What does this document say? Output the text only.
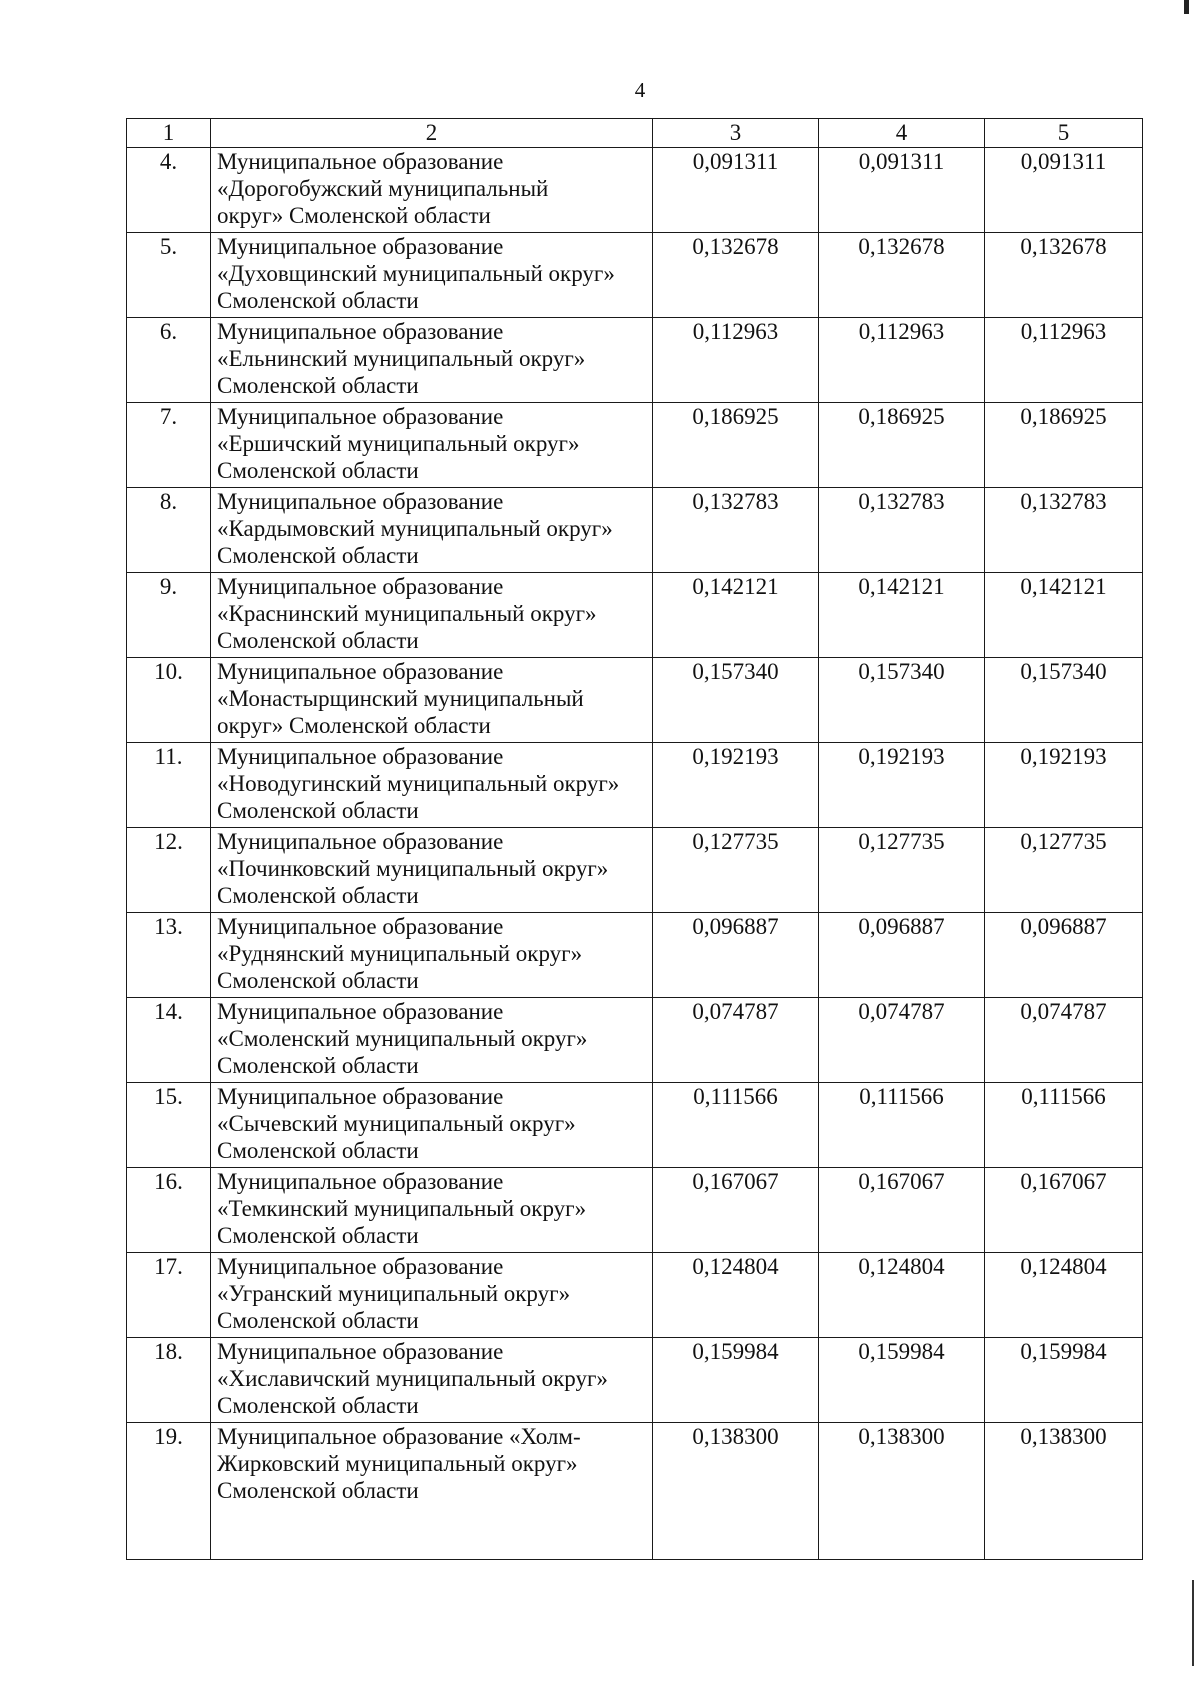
4
1	2	3	4	5
4.	Муниципальное образование
«Дорогобужский муниципальный
округ» Смоленской области	0,091311	0,091311	0,091311
5.	Муниципальное образование
«Духовщинский муниципальный округ»
Смоленской области	0,132678	0,132678	0,132678
6.	Муниципальное образование
«Ельнинский муниципальный округ»
Смоленской области	0,112963	0,112963	0,112963
7.	Муниципальное образование
«Ершичский муниципальный округ»
Смоленской области	0,186925	0,186925	0,186925
8.	Муниципальное образование
«Кардымовский муниципальный округ»
Смоленской области	0,132783	0,132783	0,132783
9.	Муниципальное образование
«Краснинский муниципальный округ»
Смоленской области	0,142121	0,142121	0,142121
10.	Муниципальное образование
«Монастырщинский муниципальный
округ» Смоленской области	0,157340	0,157340	0,157340
11.	Муниципальное образование
«Новодугинский муниципальный округ»
Смоленской области	0,192193	0,192193	0,192193
12.	Муниципальное образование
«Починковский муниципальный округ»
Смоленской области	0,127735	0,127735	0,127735
13.	Муниципальное образование
«Руднянский муниципальный округ»
Смоленской области	0,096887	0,096887	0,096887
14.	Муниципальное образование
«Смоленский муниципальный округ»
Смоленской области	0,074787	0,074787	0,074787
15.	Муниципальное образование
«Сычевский муниципальный округ»
Смоленской области	0,111566	0,111566	0,111566
16.	Муниципальное образование
«Темкинский муниципальный округ»
Смоленской области	0,167067	0,167067	0,167067
17.	Муниципальное образование
«Угранский муниципальный округ»
Смоленской области	0,124804	0,124804	0,124804
18.	Муниципальное образование
«Хиславичский муниципальный округ»
Смоленской области	0,159984	0,159984	0,159984
19.	Муниципальное образование «Холм-
Жирковский муниципальный округ»
Смоленской области	0,138300	0,138300	0,138300
